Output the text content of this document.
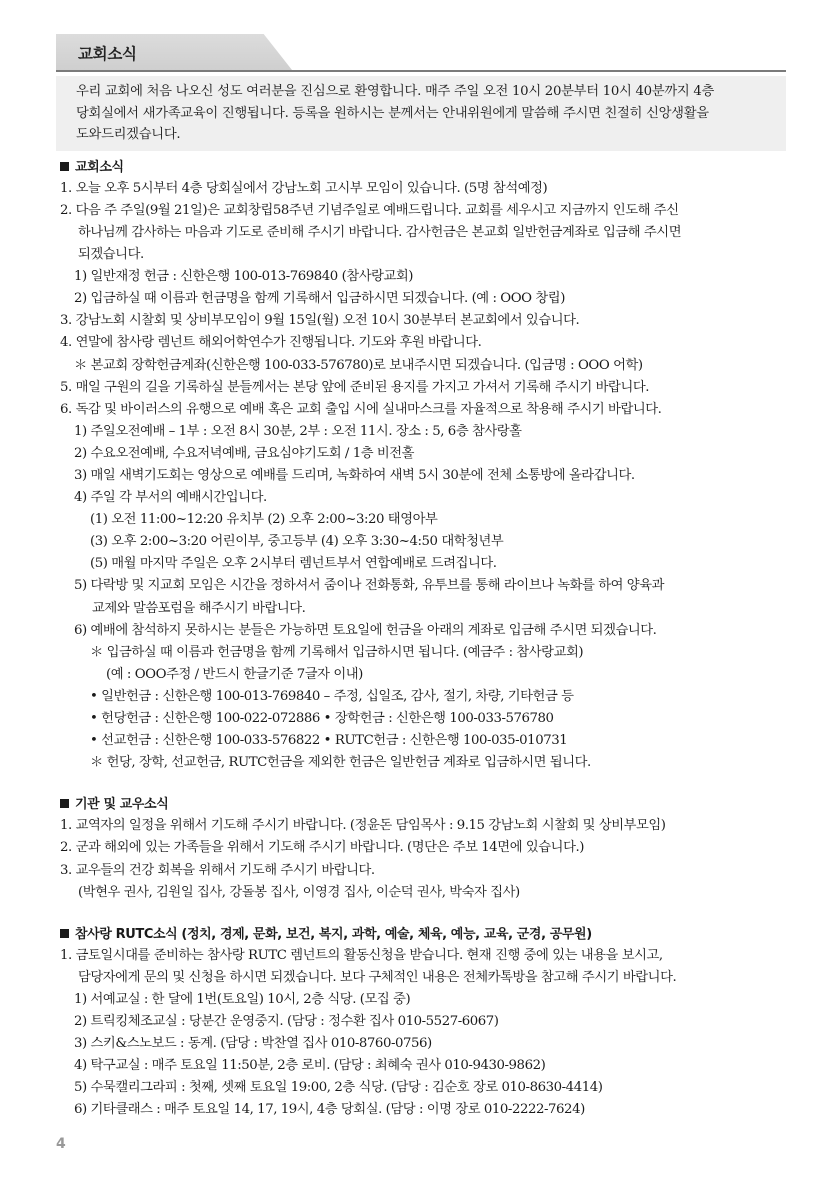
교회소식
우리 교회에 처음 나오신 성도 여러분을 진심으로 환영합니다. 매주 주일 오전 10시 20분부터 10시 40분까지 4층 당회실에서 새가족교육이 진행됩니다. 등록을 원하시는 분께서는 안내위원에게 말씀해 주시면 친절히 신앙생활을 도와드리겠습니다.
교회소식
1. 오늘 오후 5시부터 4층 당회실에서 강남노회 고시부 모임이 있습니다. (5명 참석예정)
2. 다음 주 주일(9월 21일)은 교회창립58주년 기념주일로 예배드립니다. 교회를 세우시고 지금까지 인도해 주신
하나님께 감사하는 마음과 기도로 준비해 주시기 바랍니다. 감사헌금은 본교회 일반헌금계좌로 입금해 주시면
되겠습니다.
1) 일반재정 헌금 : 신한은행 100-013-769840 (참사랑교회)
2) 입금하실 때 이름과 헌금명을 함께 기록해서 입금하시면 되겠습니다. (예 : OOO 창립)
3. 강남노회 시찰회 및 상비부모임이 9월 15일(월) 오전 10시 30분부터 본교회에서 있습니다.
4. 연말에 참사랑 렘넌트 해외어학연수가 진행됩니다. 기도와 후원 바랍니다.
＊ 본교회 장학헌금계좌(신한은행 100-033-576780)로 보내주시면 되겠습니다. (입금명 : OOO 어학)
5. 매일 구원의 길을 기록하실 분들께서는 본당 앞에 준비된 용지를 가지고 가셔서 기록해 주시기 바랍니다.
6. 독감 및 바이러스의 유행으로 예배 혹은 교회 출입 시에 실내마스크를 자율적으로 착용해 주시기 바랍니다.
1) 주일오전예배 – 1부 : 오전 8시 30분, 2부 : 오전 11시. 장소 : 5, 6층 참사랑홀
2) 수요오전예배, 수요저녁예배, 금요심야기도회 / 1층 비전홀
3) 매일 새벽기도회는 영상으로 예배를 드리며, 녹화하여 새벽 5시 30분에 전체 소통방에 올라갑니다.
4) 주일 각 부서의 예배시간입니다.
(1) 오전 11:00~12:20 유치부 (2) 오후 2:00~3:20 태영아부
(3) 오후 2:00~3:20 어린이부, 중고등부 (4) 오후 3:30~4:50 대학청년부
(5) 매월 마지막 주일은 오후 2시부터 렘넌트부서 연합예배로 드려집니다.
5) 다락방 및 지교회 모임은 시간을 정하셔서 줌이나 전화통화, 유투브를 통해 라이브나 녹화를 하여 양육과
교제와 말씀포럼을 해주시기 바랍니다.
6) 예배에 참석하지 못하시는 분들은 가능하면 토요일에 헌금을 아래의 계좌로 입금해 주시면 되겠습니다.
＊ 입금하실 때 이름과 헌금명을 함께 기록해서 입금하시면 됩니다. (예금주 : 참사랑교회)
(예 : OOO주정 / 반드시 한글기준 7글자 이내)
• 일반헌금 : 신한은행 100-013-769840 – 주정, 십일조, 감사, 절기, 차량, 기타헌금 등
• 헌당헌금 : 신한은행 100-022-072886 • 장학헌금 : 신한은행 100-033-576780
• 선교헌금 : 신한은행 100-033-576822 • RUTC헌금 : 신한은행 100-035-010731
＊ 헌당, 장학, 선교헌금, RUTC헌금을 제외한 헌금은 일반헌금 계좌로 입금하시면 됩니다.
기관 및 교우소식
1. 교역자의 일정을 위해서 기도해 주시기 바랍니다. (정윤돈 담임목사 : 9.15 강남노회 시찰회 및 상비부모임)
2. 군과 해외에 있는 가족들을 위해서 기도해 주시기 바랍니다. (명단은 주보 14면에 있습니다.)
3. 교우들의 건강 회복을 위해서 기도해 주시기 바랍니다.
(박현우 권사, 김원일 집사, 강돌봉 집사, 이영경 집사, 이순덕 권사, 박숙자 집사)
참사랑 RUTC소식 (정치, 경제, 문화, 보건, 복지, 과학, 예술, 체육, 예능, 교육, 군경, 공무원)
1. 금토일시대를 준비하는 참사랑 RUTC 렘넌트의 활동신청을 받습니다. 현재 진행 중에 있는 내용을 보시고,
담당자에게 문의 및 신청을 하시면 되겠습니다. 보다 구체적인 내용은 전체카톡방을 참고해 주시기 바랍니다.
1) 서예교실 : 한 달에 1번(토요일) 10시, 2층 식당. (모집 중)
2) 트릭킹체조교실 : 당분간 운영중지. (담당 : 정수환 집사 010-5527-6067)
3) 스키&스노보드 : 동계. (담당 : 박찬열 집사 010-8760-0756)
4) 탁구교실 : 매주 토요일 11:50분, 2층 로비. (담당 : 최혜숙 권사 010-9430-9862)
5) 수묵캘리그라피 : 첫째, 셋째 토요일 19:00, 2층 식당. (담당 : 김순호 장로 010-8630-4414)
6) 기타클래스 : 매주 토요일 14, 17, 19시, 4층 당회실. (담당 : 이명 장로 010-2222-7624)
4
